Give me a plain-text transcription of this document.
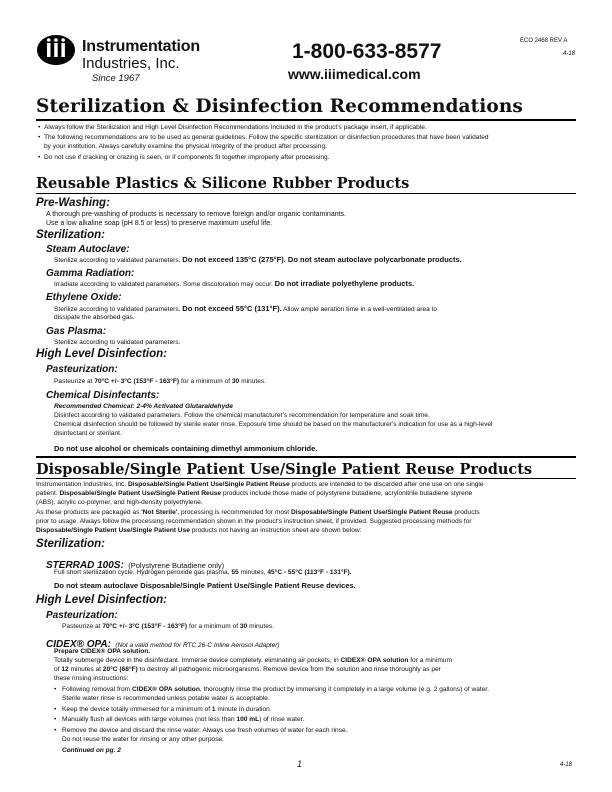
Instrumentation
Industries, Inc.
Since 1967
1-800-633-8577
www.iiimedical.com
ECO 2468 REV A
4-18
Sterilization & Disinfection Recommendations
• Always follow the Sterilization and High Level Disinfection Recommendations included in the product's package insert, if applicable.
• The following recommendations are to be used as general guidelines. Follow the specific sterilization or disinfection procedures that have been validated
by your institution. Always carefully examine the physical integrity of the product after processing.
• Do not use if cracking or crazing is seen, or if components fit together improperly after processing.
Reusable Plastics & Silicone Rubber Products
Pre-Washing:
A thorough pre-washing of products is necessary to remove foreign and/or organic contaminants.
Use a low alkaline soap (pH 8.5 or less) to preserve maximum useful life.
Sterilization:
Steam Autoclave:
Sterilize according to validated parameters. Do not exceed 135°C (275°F). Do not steam autoclave polycarbonate products.
Gamma Radiation:
Irradiate according to validated parameters. Some discoloration may occur. Do not irradiate polyethylene products.
Ethylene Oxide:
Sterilize according to validated parameters. Do not exceed 55°C (131°F). Allow ample aeration time in a well-ventilated area to
dissipate the absorbed gas.
Gas Plasma:
Sterilize according to validated parameters.
High Level Disinfection:
Pasteurization:
Pasteurize at 70°C +/- 3°C (153°F - 163°F) for a minimum of 30 minutes.
Chemical Disinfectants:
Recommended Chemical: 2-4% Activated Glutaraldehyde
Disinfect according to validated parameters. Follow the chemical manufacturer's recommendation for temperature and soak time.
Chemical disinfection should be followed by sterile water rinse. Exposure time should be based on the manufacturer's indication for use as a high-level
disinfectant or sterilant.
Do not use alcohol or chemicals containing dimethyl ammonium chloride.
Disposable/Single Patient Use/Single Patient Reuse Products
Instrumentation Industries, Inc. Disposable/Single Patient Use/Single Patient Reuse products are intended to be discarded after one use on one single
patient. Disposable/Single Patient Use/Single Patient Reuse products include those made of polystyrene butadiene, acrylonitrile butadiene styrene
(ABS), acrylic co-polymer, and high-density polyethylene.
As these products are packaged as 'Not Sterile', processing is recommended for most Disposable/Single Patient Use/Single Patient Reuse products
prior to usage. Always follow the processing recommendation shown in the product's instruction sheet, if provided. Suggested processing methods for
Disposable/Single Patient Use/Single Patient Use products not having an instruction sheet are shown below:
Sterilization:
STERRAD 100S: (Polystyrene Butadiene only)
Full short sterilization cycle. Hydrogen peroxide gas plasma, 55 minutes, 45°C - 55°C (113°F - 131°F).
Do not steam autoclave Disposable/Single Patient Use/Single Patient Reuse devices.
High Level Disinfection:
Pasteurization:
Pasteurize at 70°C +/- 3°C (153°F - 163°F) for a minimum of 30 minutes.
CIDEX® OPA: (Not a valid method for RTC 26-C Inline Aerosol Adapter)
Prepare CIDEX® OPA solution.
Totally submerge device in the disinfectant. Immerse device completely, eliminating air pockets, in CIDEX® OPA solution for a minimum
of 12 minutes at 20°C (68°F) to destroy all pathogenic microorganisms. Remove device from the solution and rinse thoroughly as per
these rinsing instructions:
• Following removal from CIDEX® OPA solution, thoroughly rinse the product by immersing it completely in a large volume (e.g. 2 gallons) of water.
Sterile water rinse is recommended unless potable water is acceptable.
• Keep the device totally immersed for a minimum of 1 minute in duration.
• Manually flush all devices with large volumes (not less than 100 mL) of rinse water.
• Remove the device and discard the rinse water. Always use fresh volumes of water for each rinse.
Do not reuse the water for rinsing or any other purpose.
Continued on pg. 2
1	4-18
